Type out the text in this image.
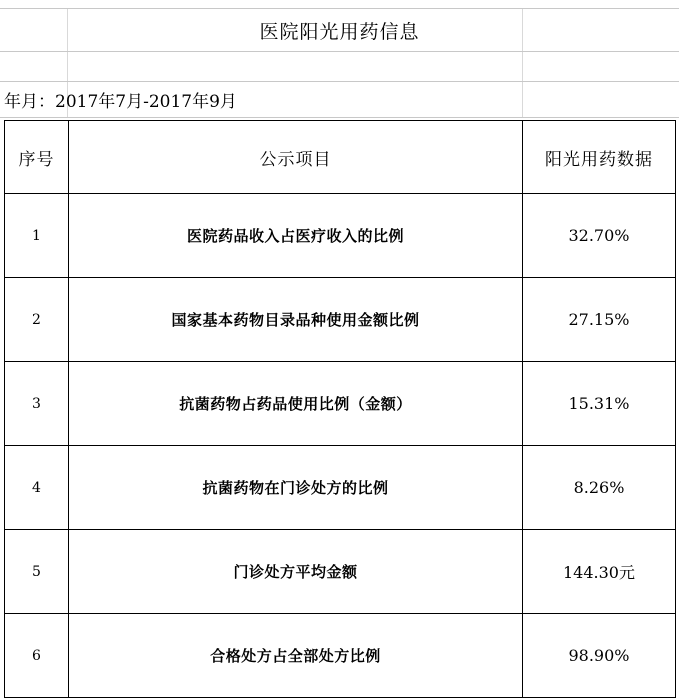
医院阳光用药信息
年月：2017年7月-2017年9月
序号	公示项目	阳光用药数据
1	医院药品收入占医疗收入的比例	32.70%
2	国家基本药物目录品种使用金额比例	27.15%
3	抗菌药物占药品使用比例（金额）	15.31%
4	抗菌药物在门诊处方的比例	8.26%
5	门诊处方平均金额	144.30元
6	合格处方占全部处方比例	98.90%
